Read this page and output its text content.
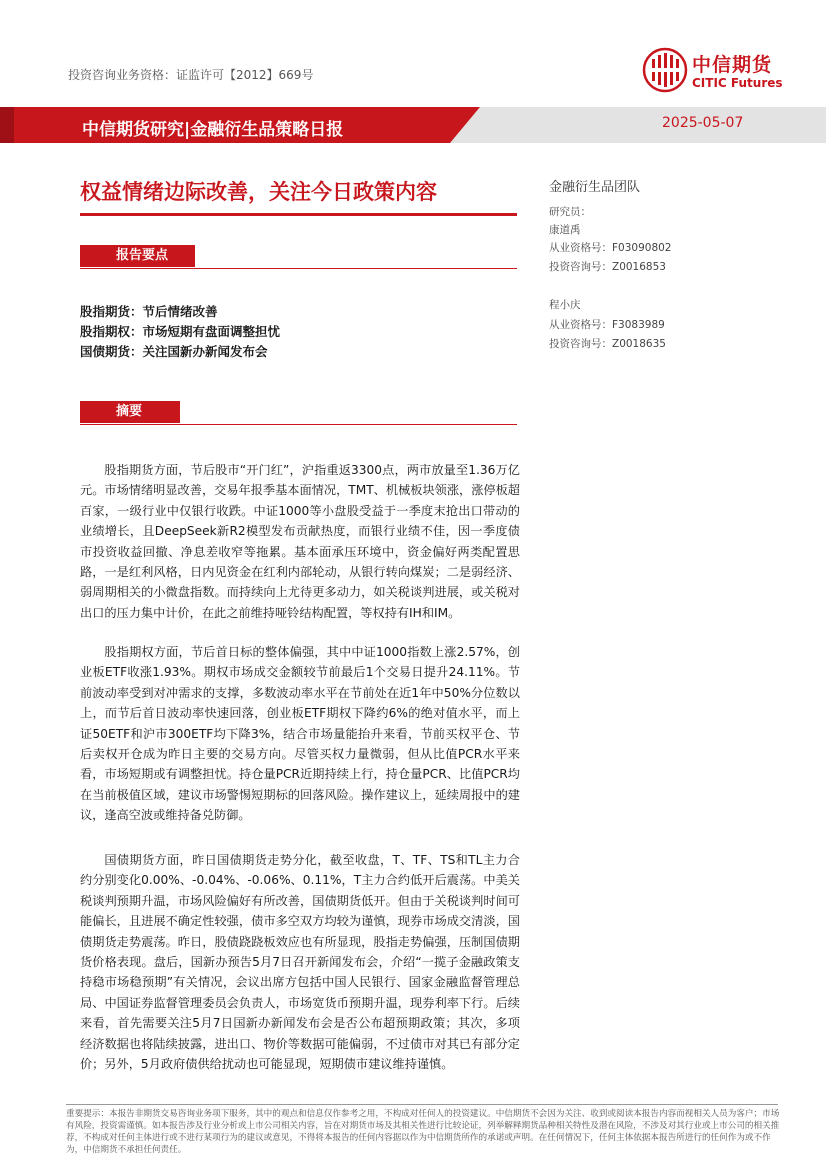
投资咨询业务资格：证监许可【2012】669号	中信期货
CITIC Futures
中信期货研究|金融衍生品策略日报	2025-05-07
权益情绪边际改善，关注今日政策内容
报告要点
股指期货：节后情绪改善
股指期权：市场短期有盘面调整担忧
国债期货：关注国新办新闻发布会
摘要

股指期货方面，节后股市“开门红”，沪指重返3300点，两市放量至1.36万亿元。市场情绪明显改善，交易年报季基本面情况，TMT、机械板块领涨，涨停板超百家，一级行业中仅银行收跌。中证1000等小盘股受益于一季度末抢出口带动的业绩增长，且DeepSeek新R2模型发布贡献热度，而银行业绩不佳，因一季度债市投资收益回撤、净息差收窄等拖累。基本面承压环境中，资金偏好两类配置思路，一是红利风格，日内见资金在红利内部轮动，从银行转向煤炭；二是弱经济、弱周期相关的小微盘指数。而持续向上尤待更多动力，如关税谈判进展，或关税对出口的压力集中计价，在此之前维持哑铃结构配置，等权持有IH和IM。

股指期权方面，节后首日标的整体偏强，其中中证1000指数上涨2.57%，创业板ETF收涨1.93%。期权市场成交金额较节前最后1个交易日提升24.11%。节前波动率受到对冲需求的支撑，多数波动率水平在节前处在近1年中50%分位数以上，而节后首日波动率快速回落，创业板ETF期权下降约6%的绝对值水平，而上证50ETF和沪市300ETF均下降3%，结合市场量能抬升来看，节前买权平仓、节后卖权开仓成为昨日主要的交易方向。尽管买权力量微弱，但从比值PCR水平来看，市场短期或有调整担忧。持仓量PCR近期持续上行，持仓量PCR、比值PCR均在当前极值区域，建议市场警惕短期标的回落风险。操作建议上，延续周报中的建议，逢高空波或维持备兑防御。

国债期货方面，昨日国债期货走势分化，截至收盘，T、TF、TS和TL主力合约分别变化0.00%、-0.04%、-0.06%、0.11%，T主力合约低开后震荡。中美关税谈判预期升温，市场风险偏好有所改善，国债期货低开。但由于关税谈判时间可能偏长，且进展不确定性较强，债市多空双方均较为谨慎，现券市场成交清淡，国债期货走势震荡。昨日，股债跷跷板效应也有所显现，股指走势偏强，压制国债期货价格表现。盘后，国新办预告5月7日召开新闻发布会，介绍“一揽子金融政策支持稳市场稳预期”有关情况，会议出席方包括中国人民银行、国家金融监督管理总局、中国证券监督管理委员会负责人，市场宽货币预期升温，现券利率下行。后续来看，首先需要关注5月7日国新办新闻发布会是否公布超预期政策；其次，多项经济数据也将陆续披露，进出口、物价等数据可能偏弱，不过债市对其已有部分定价；另外，5月政府债供给扰动也可能显现，短期债市建议维持谨慎。

金融衍生品团队
研究员：
康道禹
从业资格号：F03090802
投资咨询号：Z0016853
程小庆
从业资格号：F3083989
投资咨询号：Z0018635

重要提示：本报告非期货交易咨询业务项下服务，其中的观点和信息仅作参考之用，不构成对任何人的投资建议。中信期货不会因为关注、收到或阅读本报告内容而视相关人员为客户；市场有风险，投资需谨慎。如本报告涉及行业分析或上市公司相关内容，旨在对期货市场及其相关性进行比较论证，列举解释期货品种相关特性及潜在风险，不涉及对其行业或上市公司的相关推荐，不构成对任何主体进行或不进行某项行为的建议或意见，不得将本报告的任何内容据以作为中信期货所作的承诺或声明。在任何情况下，任何主体依据本报告所进行的任何作为或不作为，中信期货不承担任何责任。
